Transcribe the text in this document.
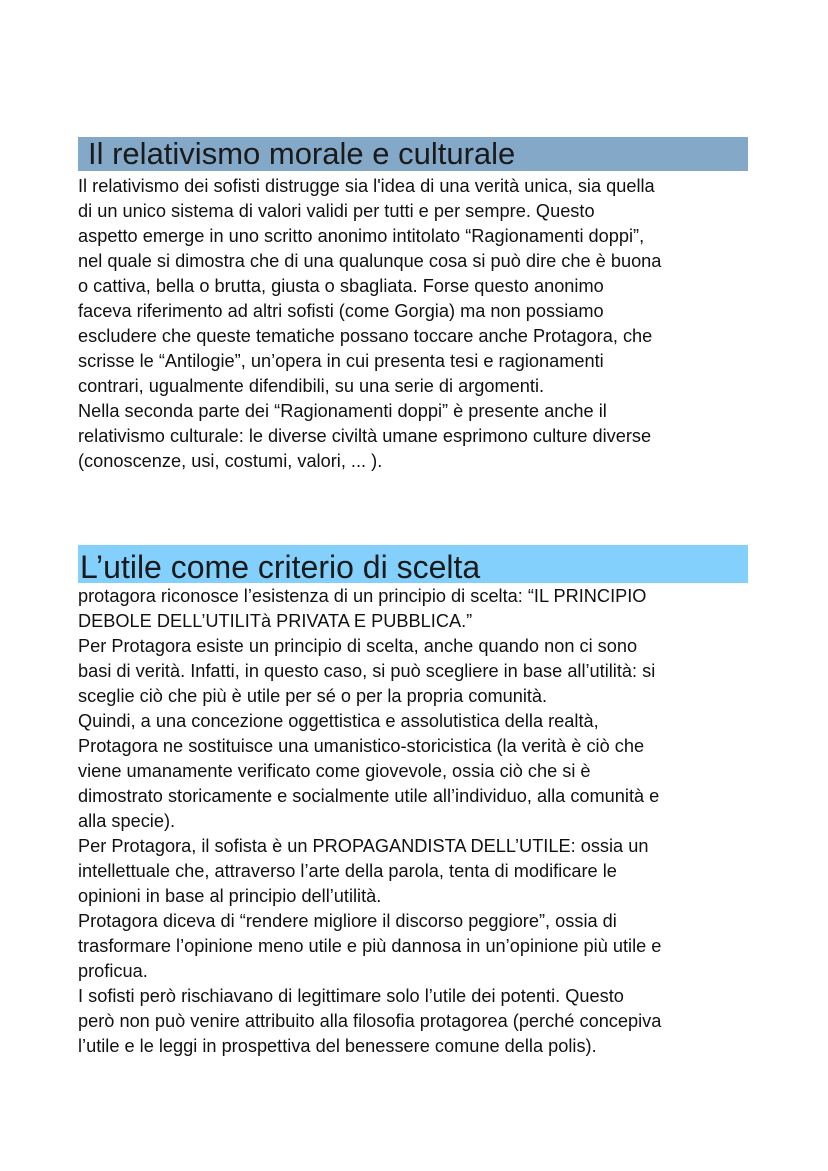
Il relativismo morale e culturale

Il relativismo dei sofisti distrugge sia l'idea di una verità unica, sia quella
di un unico sistema di valori validi per tutti e per sempre. Questo
aspetto emerge in uno scritto anonimo intitolato “Ragionamenti doppi”,
nel quale si dimostra che di una qualunque cosa si può dire che è buona
o cattiva, bella o brutta, giusta o sbagliata. Forse questo anonimo
faceva riferimento ad altri sofisti (come Gorgia) ma non possiamo
escludere che queste tematiche possano toccare anche Protagora, che
scrisse le “Antilogie”, un’opera in cui presenta tesi e ragionamenti
contrari, ugualmente difendibili, su una serie di argomenti.
Nella seconda parte dei “Ragionamenti doppi” è presente anche il
relativismo culturale: le diverse civiltà umane esprimono culture diverse
(conoscenze, usi, costumi, valori, ... ).

L’utile come criterio di scelta

protagora riconosce l’esistenza di un principio di scelta: “IL PRINCIPIO
DEBOLE DELL’UTILITà PRIVATA E PUBBLICA.”
Per Protagora esiste un principio di scelta, anche quando non ci sono
basi di verità. Infatti, in questo caso, si può scegliere in base all’utilità: si
sceglie ciò che più è utile per sé o per la propria comunità.
Quindi, a una concezione oggettistica e assolutistica della realtà,
Protagora ne sostituisce una umanistico-storicistica (la verità è ciò che
viene umanamente verificato come giovevole, ossia ciò che si è
dimostrato storicamente e socialmente utile all’individuo, alla comunità e
alla specie).
Per Protagora, il sofista è un PROPAGANDISTA DELL’UTILE: ossia un
intellettuale che, attraverso l’arte della parola, tenta di modificare le
opinioni in base al principio dell’utilità.
Protagora diceva di “rendere migliore il discorso peggiore”, ossia di
trasformare l’opinione meno utile e più dannosa in un’opinione più utile e
proficua.
I sofisti però rischiavano di legittimare solo l’utile dei potenti. Questo
però non può venire attribuito alla filosofia protagorea (perché concepiva
l’utile e le leggi in prospettiva del benessere comune della polis).
